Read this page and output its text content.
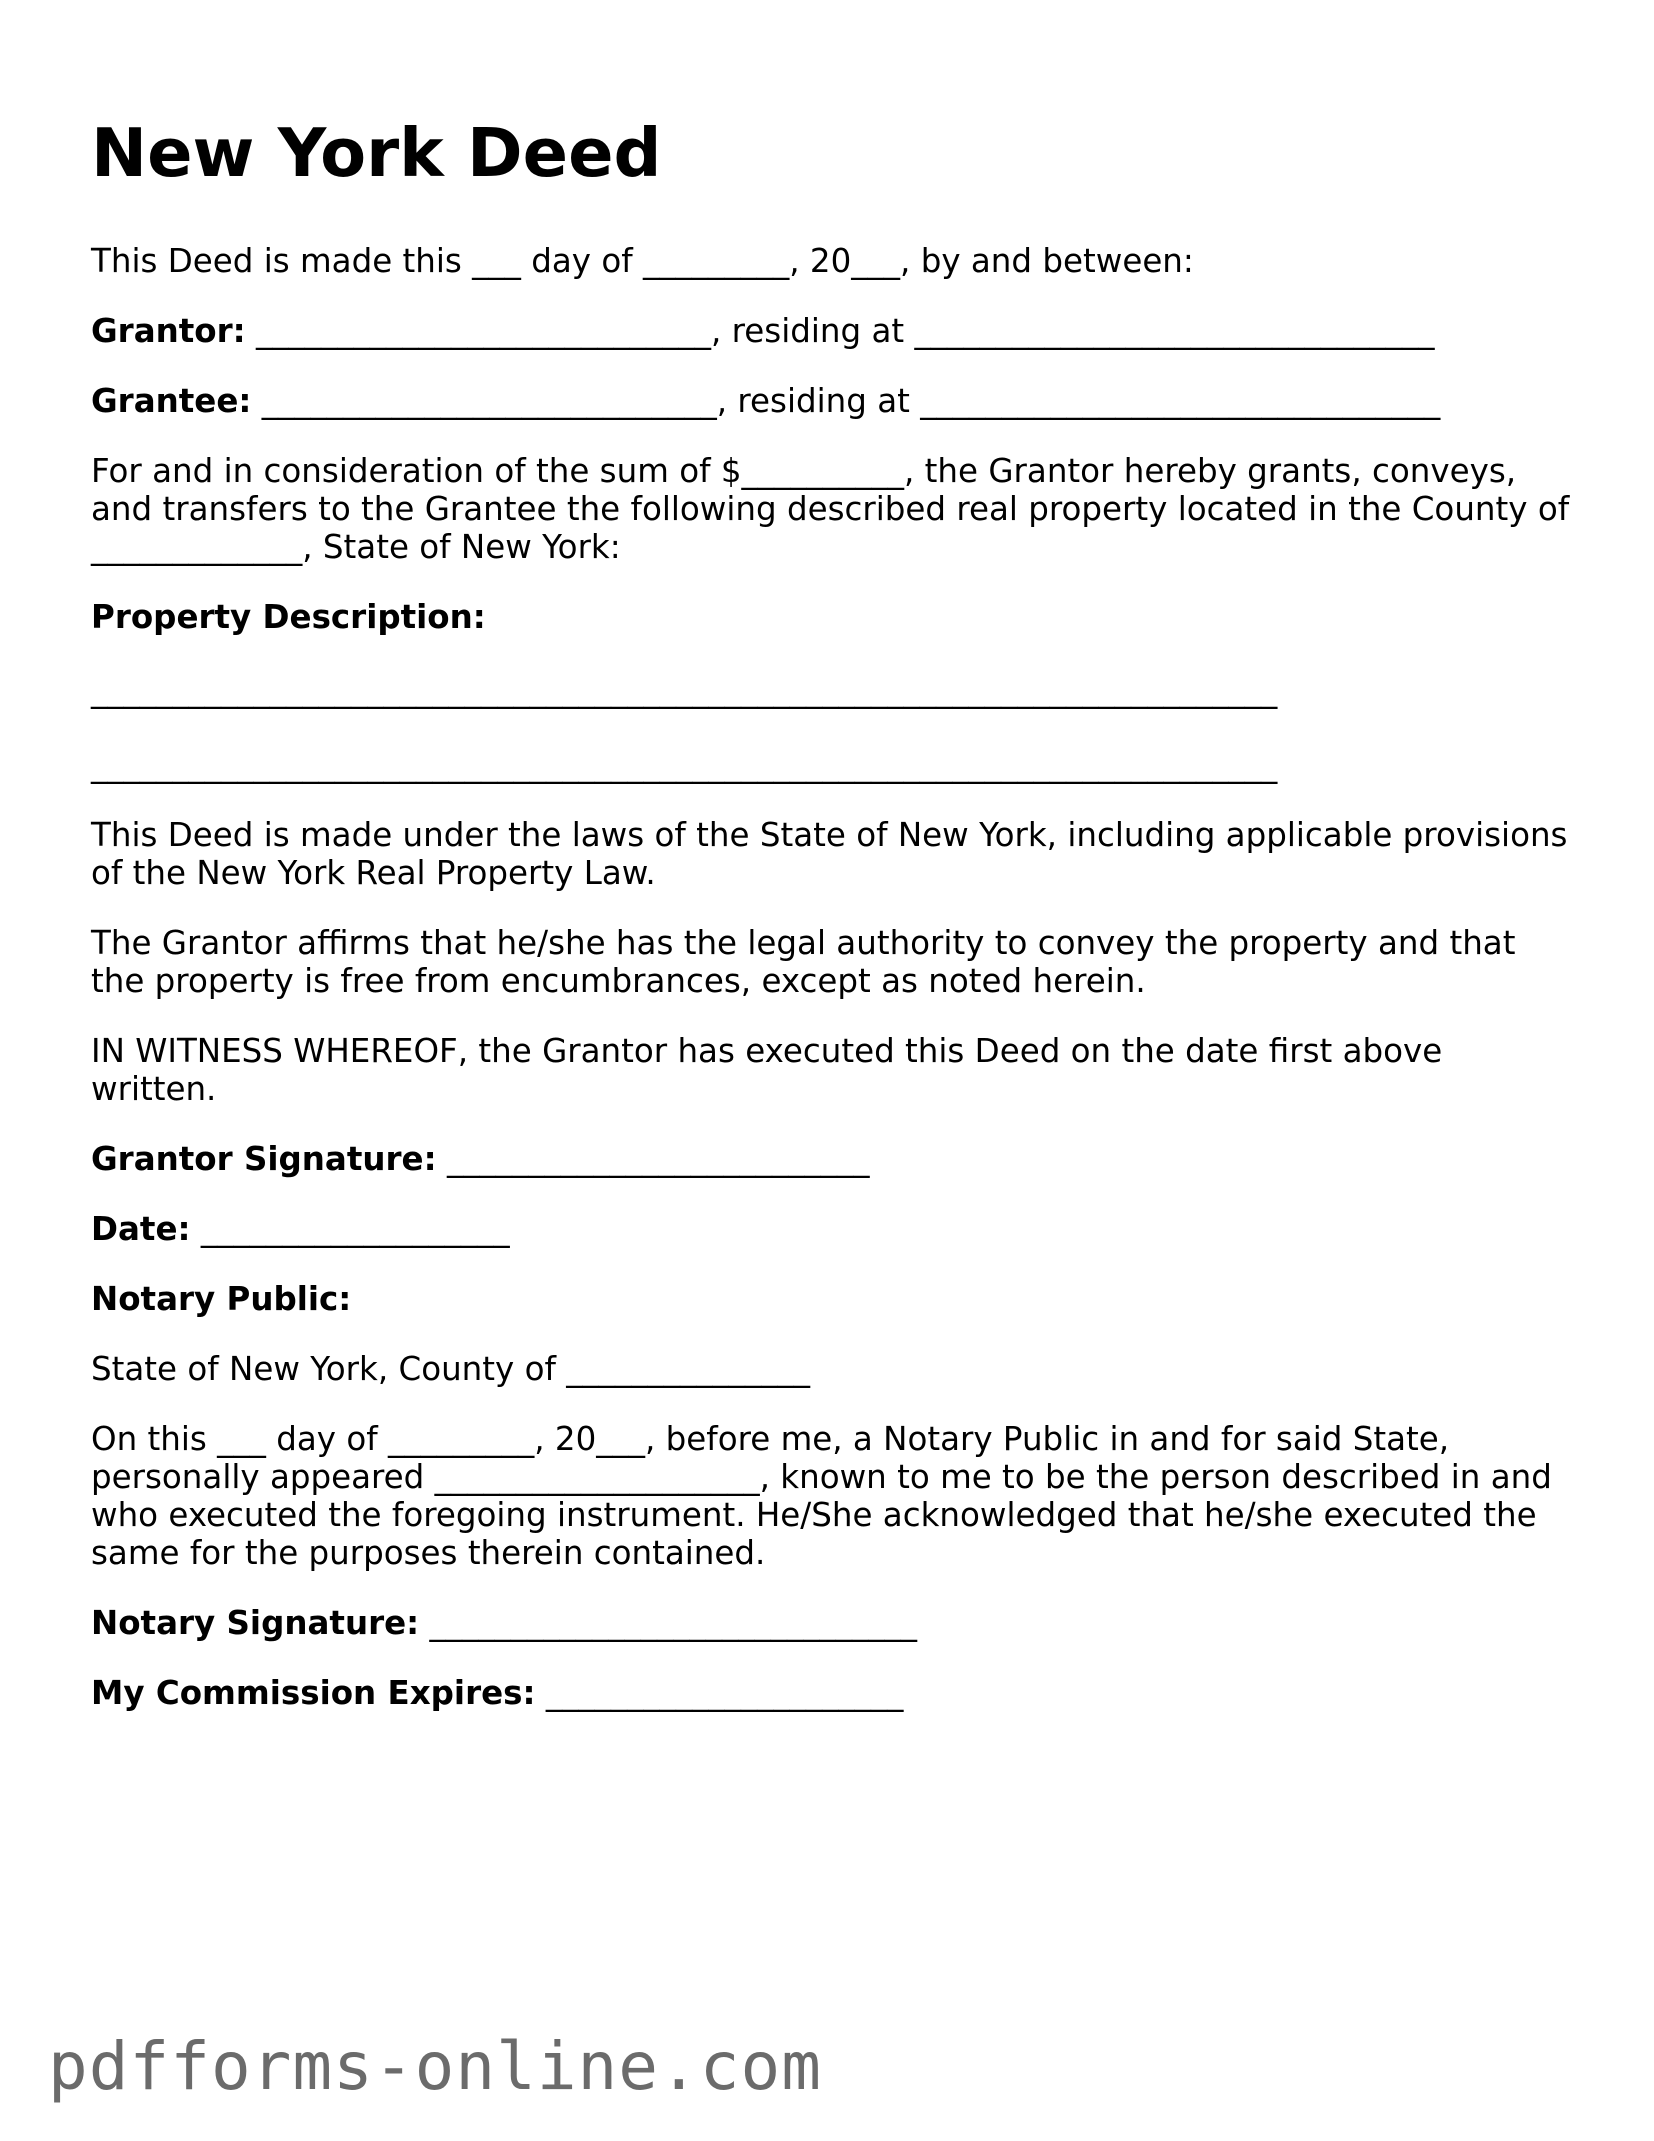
New York Deed

This Deed is made this ___ day of _________, 20___, by and between:

Grantor: ____________________________, residing at ________________________________

Grantee: ____________________________, residing at ________________________________

For and in consideration of the sum of $__________, the Grantor hereby grants, conveys, and transfers to the Grantee the following described real property located in the County of _____________, State of New York:

Property Description:

_________________________________________________________________________

_________________________________________________________________________

This Deed is made under the laws of the State of New York, including applicable provisions of the New York Real Property Law.

The Grantor affirms that he/she has the legal authority to convey the property and that the property is free from encumbrances, except as noted herein.

IN WITNESS WHEREOF, the Grantor has executed this Deed on the date first above written.

Grantor Signature: __________________________

Date: ___________________

Notary Public:

State of New York, County of _______________

On this ___ day of _________, 20___, before me, a Notary Public in and for said State, personally appeared ____________________, known to me to be the person described in and who executed the foregoing instrument. He/She acknowledged that he/she executed the same for the purposes therein contained.

Notary Signature: ______________________________

My Commission Expires: ______________________

pdfforms-online.com
